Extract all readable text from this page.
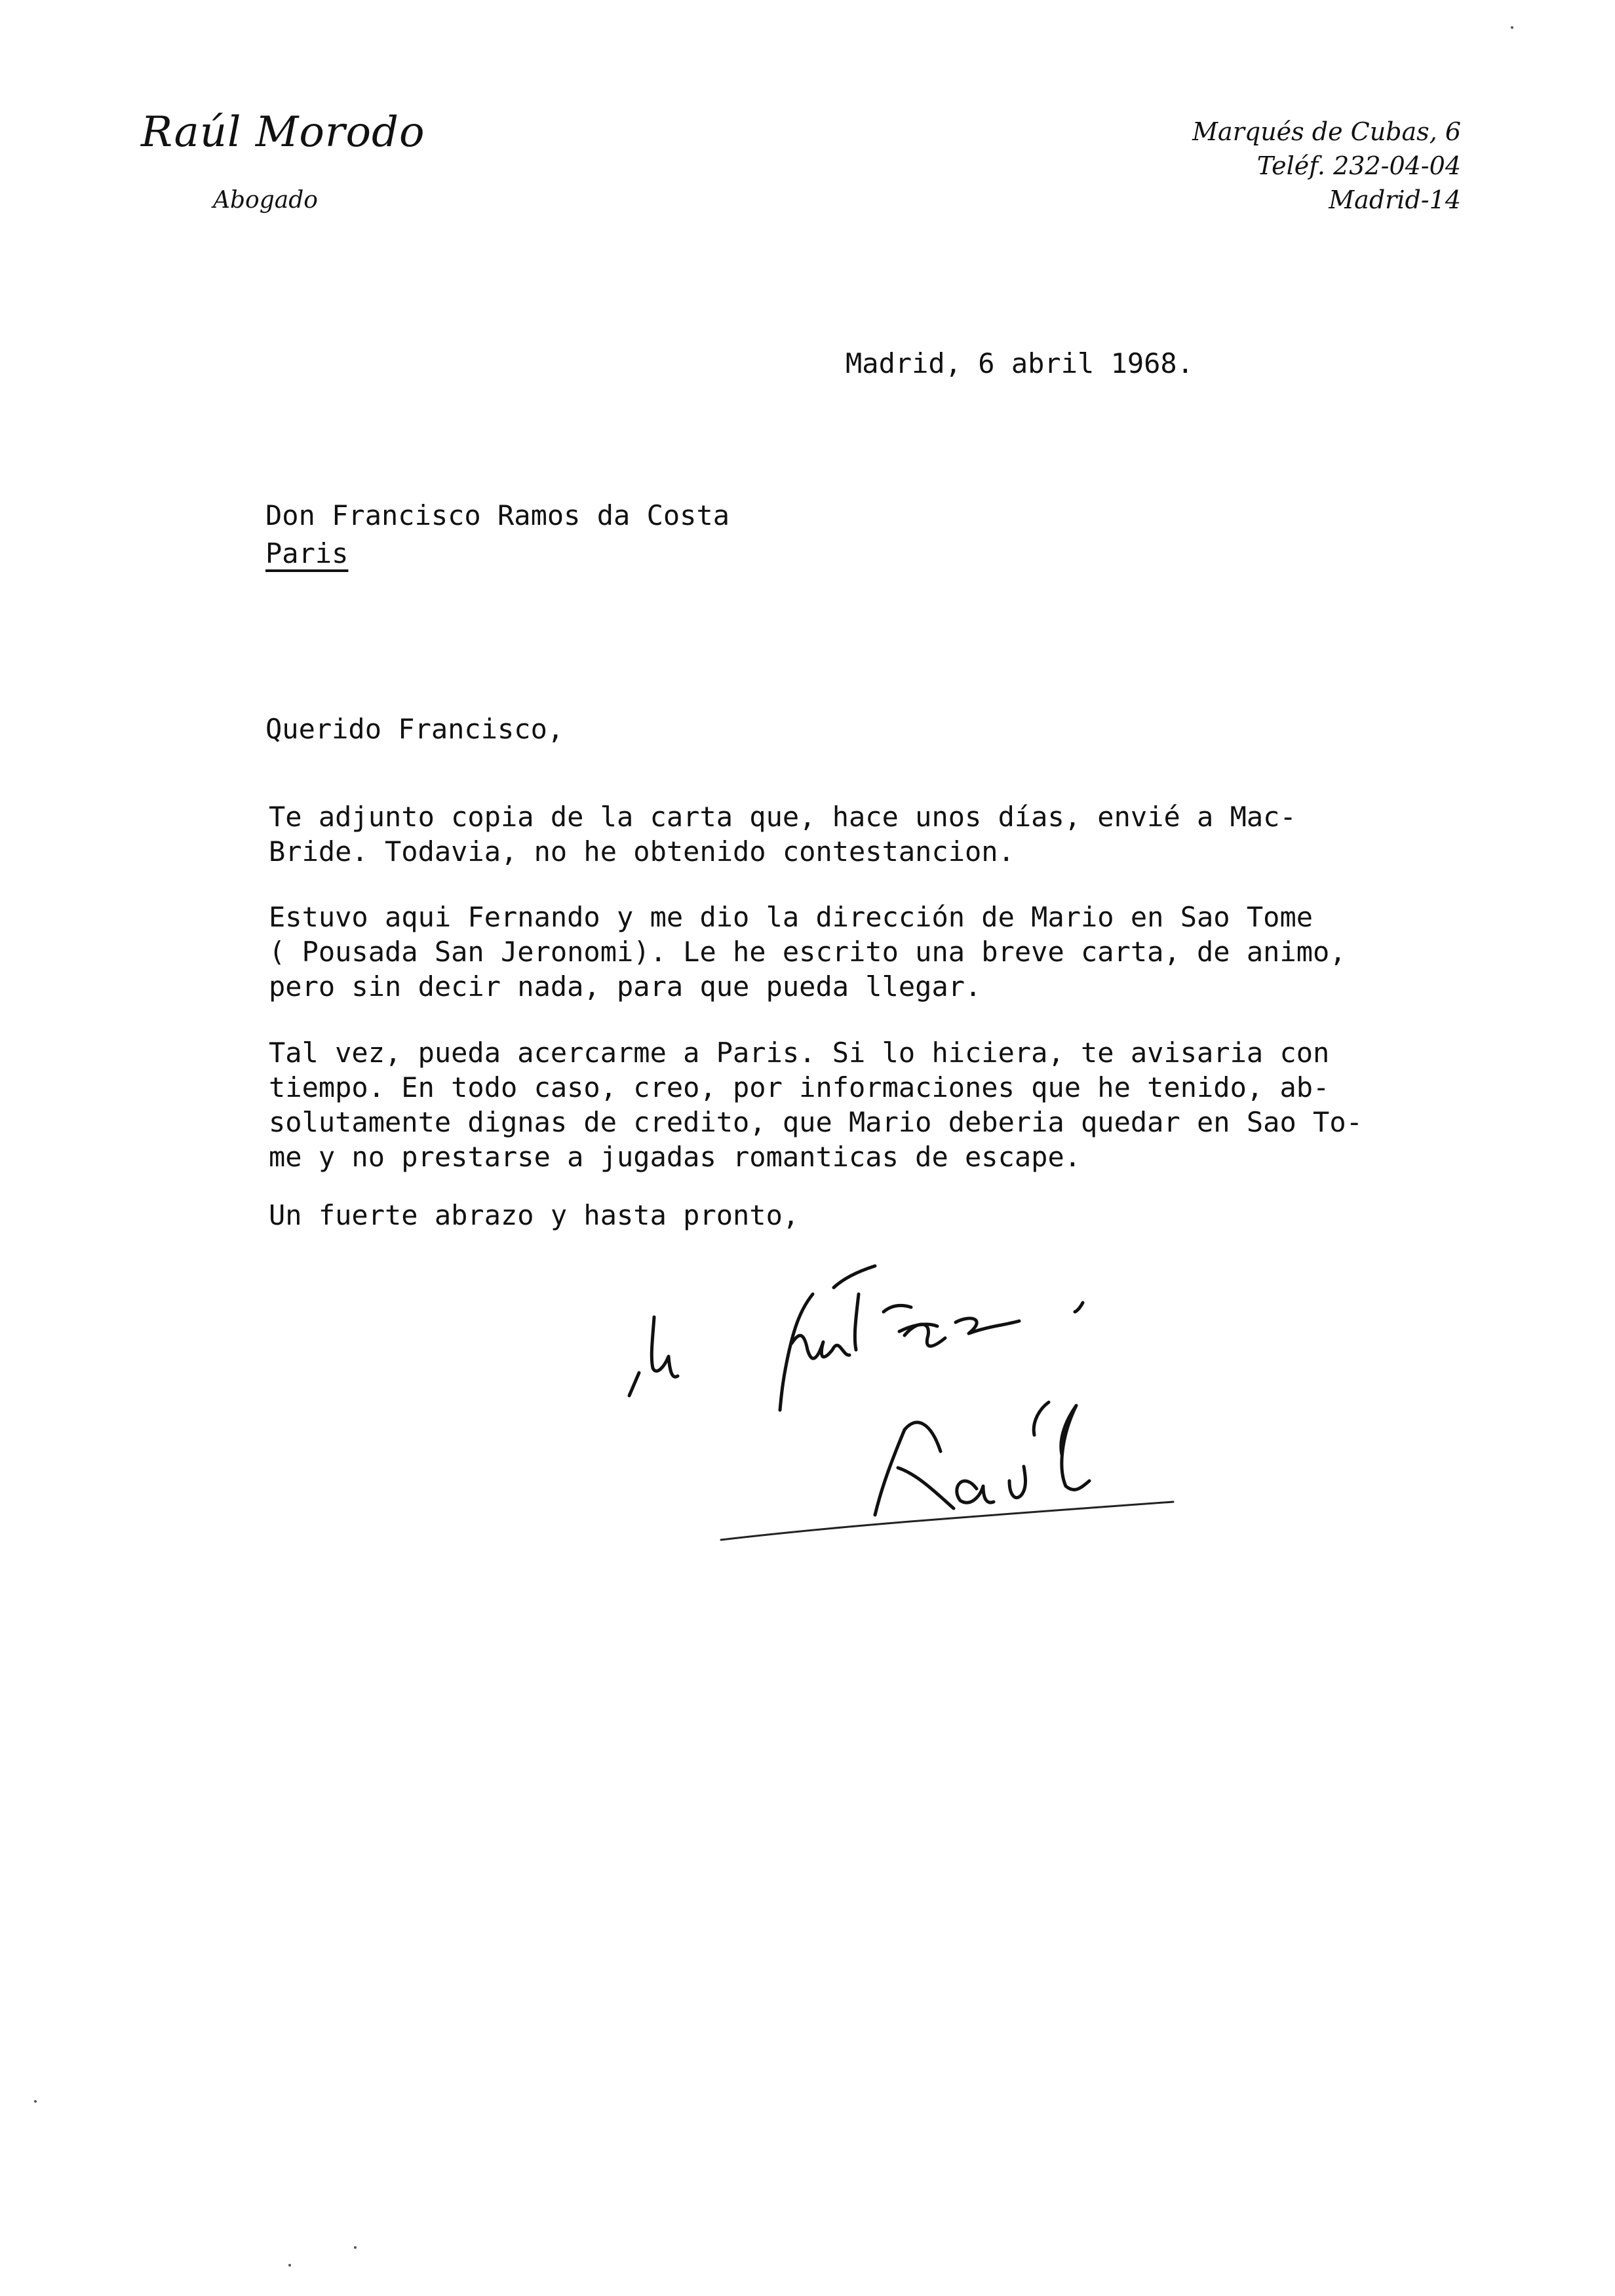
Raúl Morodo
Abogado
Marqués de Cubas, 6
Teléf. 232-04-04
Madrid-14
Madrid, 6 abril 1968.
Don Francisco Ramos da Costa
Paris
Querido Francisco,
Te adjunto copia de la carta que, hace unos días, envié a Mac-
Bride. Todavia, no he obtenido contestancion.
Estuvo aqui Fernando y me dio la dirección de Mario en Sao Tome
( Pousada San Jeronomi). Le he escrito una breve carta, de animo,
pero sin decir nada, para que pueda llegar.
Tal vez, pueda acercarme a Paris. Si lo hiciera, te avisaria con
tiempo. En todo caso, creo, por informaciones que he tenido, ab-
solutamente dignas de credito, que Mario deberia quedar en Sao To-
me y no prestarse a jugadas romanticas de escape.
Un fuerte abrazo y hasta pronto,
